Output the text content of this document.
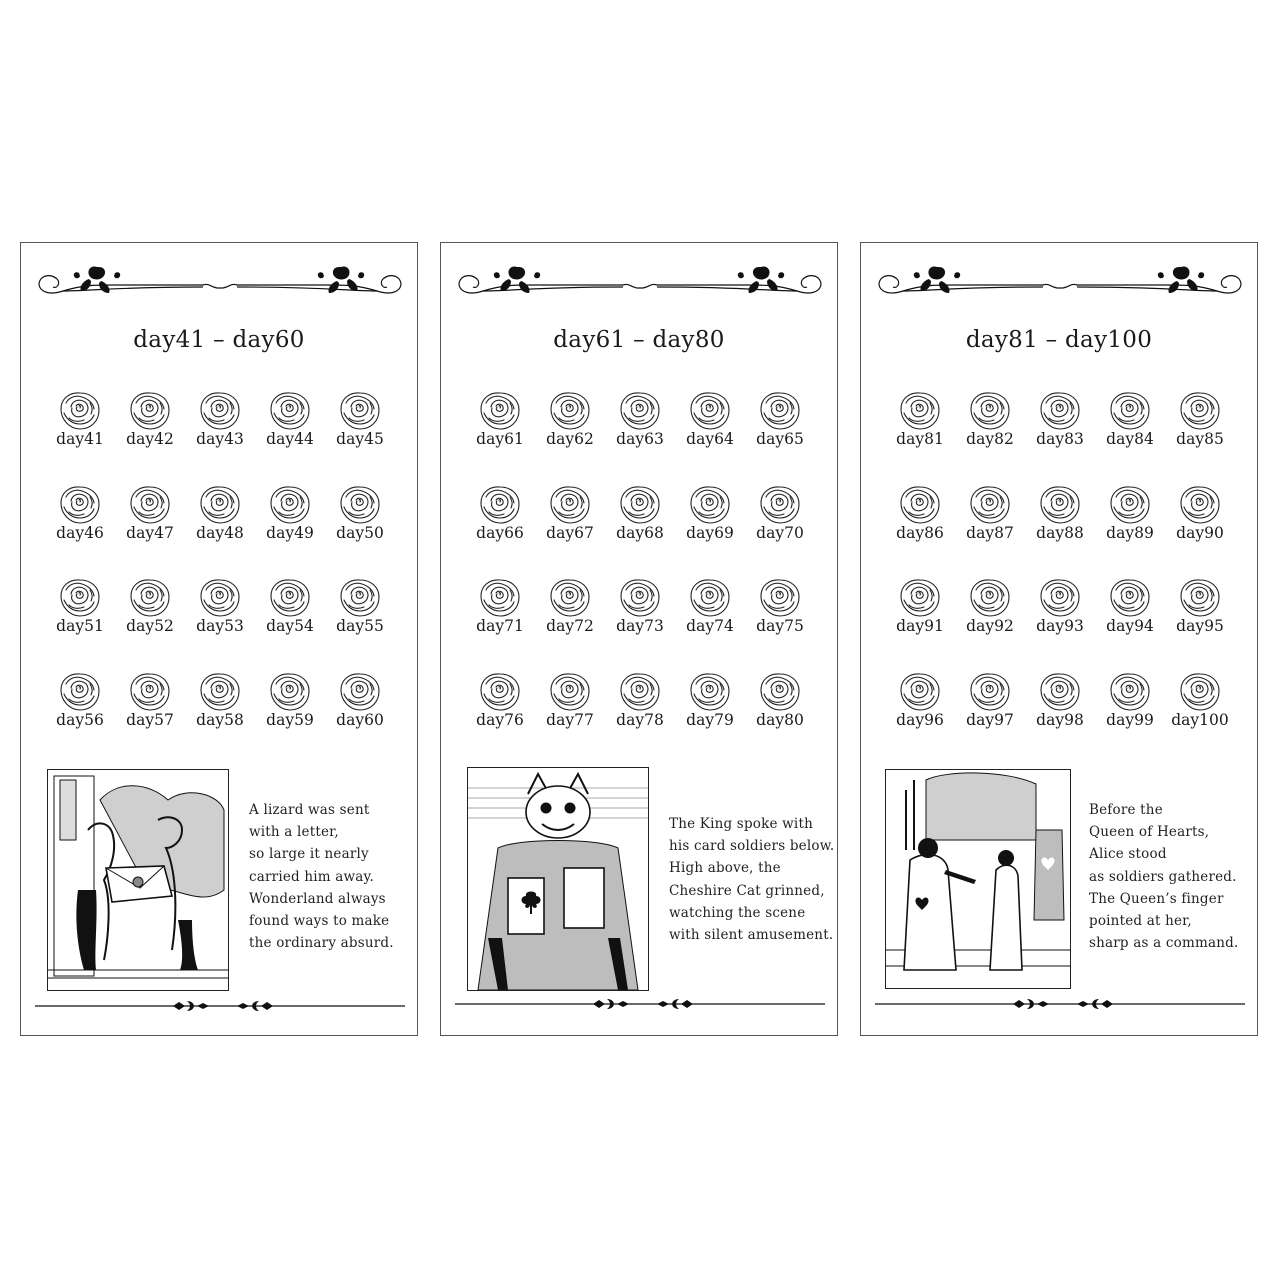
day41 – day60
day41	day42	day43	day44	day45
day46	day47	day48	day49	day50
day51	day52	day53	day54	day55
day56	day57	day58	day59	day60
A lizard was sent
with a letter,
so large it nearly
carried him away.
Wonderland always
found ways to make
the ordinary absurd.
day61 – day80
day61	day62	day63	day64	day65
day66	day67	day68	day69	day70
day71	day72	day73	day74	day75
day76	day77	day78	day79	day80
The King spoke with
his card soldiers below.
High above, the
Cheshire Cat grinned,
watching the scene
with silent amusement.
day81 – day100
day81	day82	day83	day84	day85
day86	day87	day88	day89	day90
day91	day92	day93	day94	day95
day96	day97	day98	day99	day100
Before the
Queen of Hearts,
Alice stood
as soldiers gathered.
The Queen’s finger
pointed at her,
sharp as a command.
